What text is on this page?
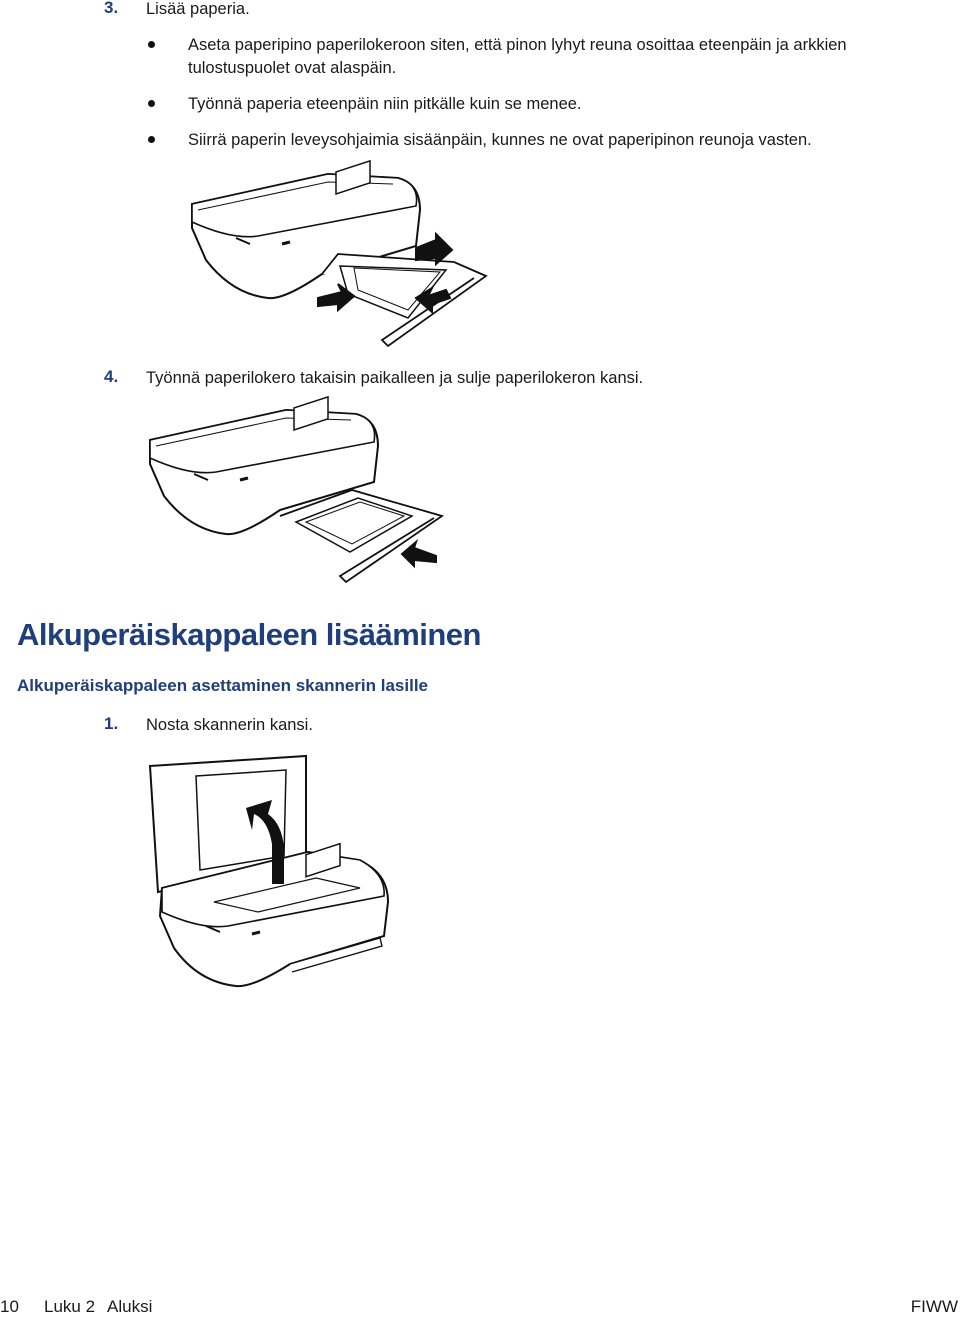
3. Lisää paperia.
Aseta paperipino paperilokeroon siten, että pinon lyhyt reuna osoittaa eteenpäin ja arkkien
tulostuspuolet ovat alaspäin.
Työnnä paperia eteenpäin niin pitkälle kuin se menee.
Siirrä paperin leveysohjaimia sisäänpäin, kunnes ne ovat paperipinon reunoja vasten.
4. Työnnä paperilokero takaisin paikalleen ja sulje paperilokeron kansi.
Alkuperäiskappaleen lisääminen
Alkuperäiskappaleen asettaminen skannerin lasille
1. Nosta skannerin kansi.
10 Luku 2 Aluksi	FIWW
